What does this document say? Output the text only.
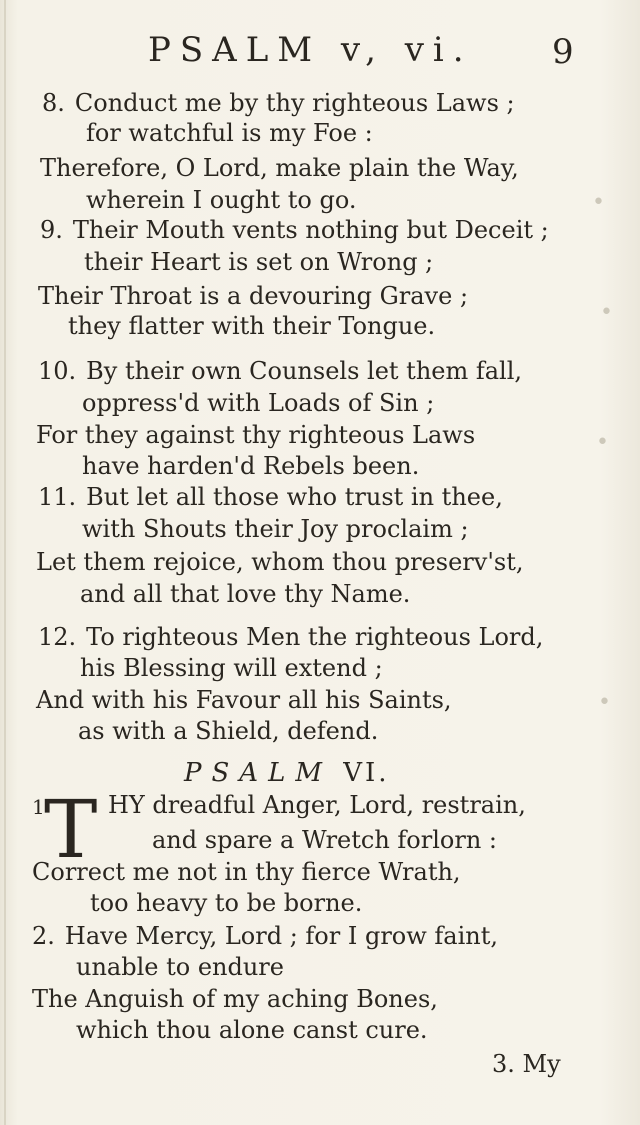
PSALM v, vi. 9
8. Conduct me by thy righteous Laws ;
for watchful is my Foe :
Therefore, O Lord, make plain the Way,
wherein I ought to go.
9. Their Mouth vents nothing but Deceit ;
their Heart is set on Wrong ;
Their Throat is a devouring Grave ;
they flatter with their Tongue.
10. By their own Counsels let them fall,
oppress'd with Loads of Sin ;
For they against thy righteous Laws
have harden'd Rebels been.
11. But let all those who trust in thee,
with Shouts their Joy proclaim ;
Let them rejoice, whom thou preserv'st,
and all that love thy Name.
12. To righteous Men the righteous Lord,
his Blessing will extend ;
And with his Favour all his Saints,
as with a Shield, defend.
PSALM VI.
1 T HY dreadful Anger, Lord, restrain,
and spare a Wretch forlorn :
Correct me not in thy fierce Wrath,
too heavy to be borne.
2. Have Mercy, Lord ; for I grow faint,
unable to endure
The Anguish of my aching Bones,
which thou alone canst cure.
•
•
•
•
3. My
